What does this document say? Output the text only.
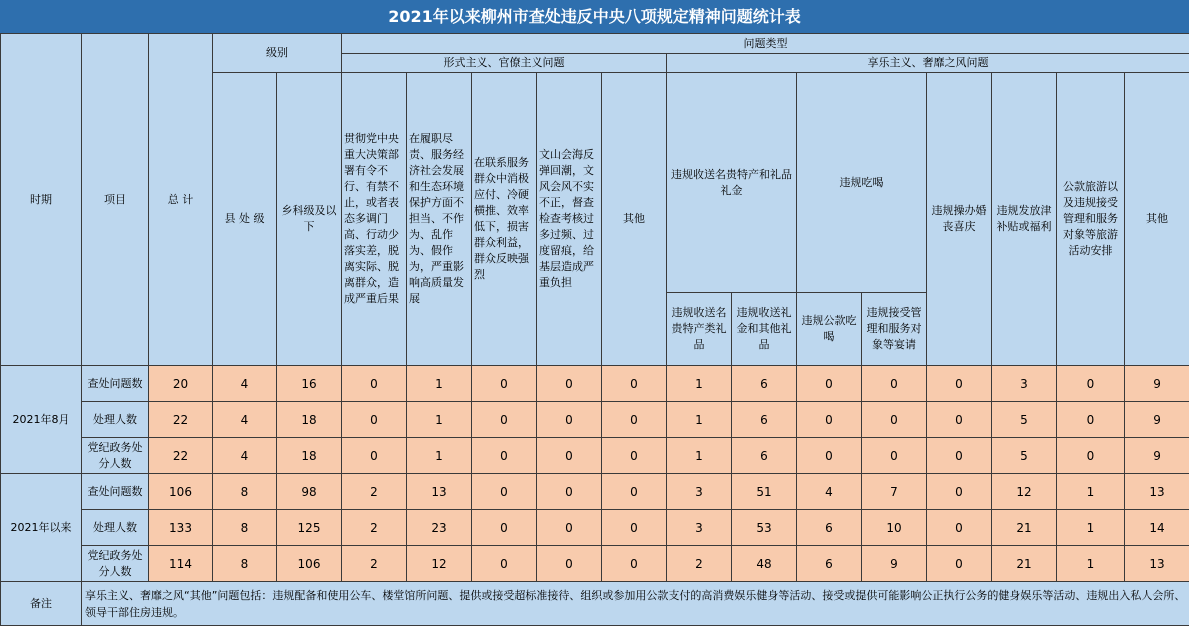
2021年以来柳州市查处违反中央八项规定精神问题统计表
时期	项目	总 计	级别		问题类型												
					形式主义、官僚主义问题					享乐主义、奢靡之风问题							
			县 处 级	乡科级及以下	贯彻党中央重大决策部署有令不行、有禁不止，或者表态多调门高、行动少落实差，脱离实际、脱离群众，造成严重后果	在履职尽责、服务经济社会发展和生态环境保护方面不担当、不作为、乱作为、假作为，严重影响高质量发展	在联系服务群众中消极应付、冷硬横推、效率低下，损害群众利益，群众反映强烈	文山会海反弹回潮，文风会风不实不正，督查检查考核过多过频、过度留痕，给基层造成严重负担	其他	违规收送名贵特产和礼品礼金		违规吃喝		违规操办婚丧喜庆	违规发放津补贴或福利	公款旅游以及违规接受管理和服务对象等旅游活动安排	其他
										违规收送名贵特产类礼品	违规收送礼金和其他礼品	违规公款吃喝	违规接受管理和服务对象等宴请				
2021年8月	查处问题数	20	4	16	0	1	0	0	0	1	6	0	0	0	3	0	9
	处理人数	22	4	18	0	1	0	0	0	1	6	0	0	0	5	0	9
	党纪政务处分人数	22	4	18	0	1	0	0	0	1	6	0	0	0	5	0	9
2021年以来	查处问题数	106	8	98	2	13	0	0	0	3	51	4	7	0	12	1	13
	处理人数	133	8	125	2	23	0	0	0	3	53	6	10	0	21	1	14
	党纪政务处分人数	114	8	106	2	12	0	0	0	2	48	6	9	0	21	1	13
备注	享乐主义、奢靡之风“其他”问题包括：违规配备和使用公车、楼堂馆所问题、提供或接受超标准接待、组织或参加用公款支付的高消费娱乐健身等活动、接受或提供可能影响公正执行公务的健身娱乐等活动、违规出入私人会所、领导干部住房违规。																
